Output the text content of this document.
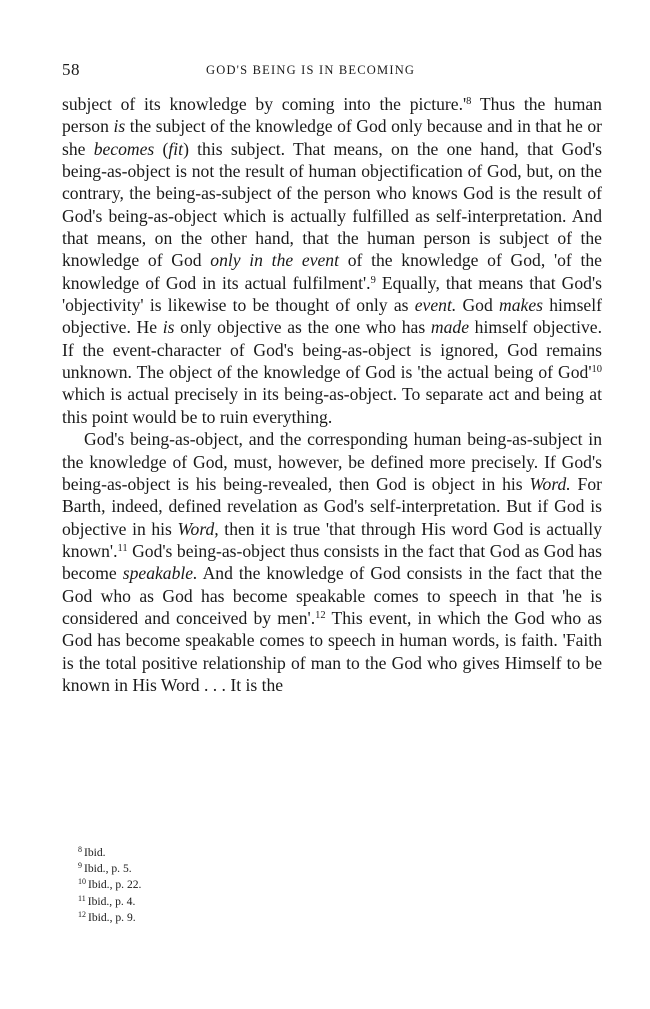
58	GOD'S BEING IS IN BECOMING

subject of its knowledge by coming into the picture.'$^8$ Thus the human person is the subject of the knowledge of God only because and in that he or she becomes (fit) this subject. That means, on the one hand, that God's being-as-object is not the result of human objectification of God, but, on the contrary, the being-as-subject of the person who knows God is the result of God's being-as-object which is actually fulfilled as self-interpretation. And that means, on the other hand, that the human person is subject of the knowledge of God only in the event of the knowledge of God, 'of the knowledge of God in its actual fulfilment'.$^9$ Equally, that means that God's 'objectivity' is likewise to be thought of only as event. God makes himself objective. He is only objective as the one who has made himself objective. If the event-character of God's being-as-object is ignored, God remains unknown. The object of the knowledge of God is 'the actual being of God'$^{10}$ which is actual precisely in its being-as-object. To separate act and being at this point would be to ruin everything.

God's being-as-object, and the corresponding human being-as-subject in the knowledge of God, must, however, be defined more precisely. If God's being-as-object is his being-revealed, then God is object in his Word. For Barth, indeed, defined revelation as God's self-interpretation. But if God is objective in his Word, then it is true 'that through His word God is actually known'.$^{11}$ God's being-as-object thus consists in the fact that God as God has become speakable. And the knowledge of God consists in the fact that the God who as God has become speakable comes to speech in that 'he is considered and conceived by men'.$^{12}$ This event, in which the God who as God has become speakable comes to speech in human words, is faith. 'Faith is the total positive relationship of man to the God who gives Himself to be known in His Word . . . It is the

$^8$ Ibid.

$^9$ Ibid., p. 5.

$^{10}$ Ibid., p. 22.

$^{11}$ Ibid., p. 4.

$^{12}$ Ibid., p. 9.
